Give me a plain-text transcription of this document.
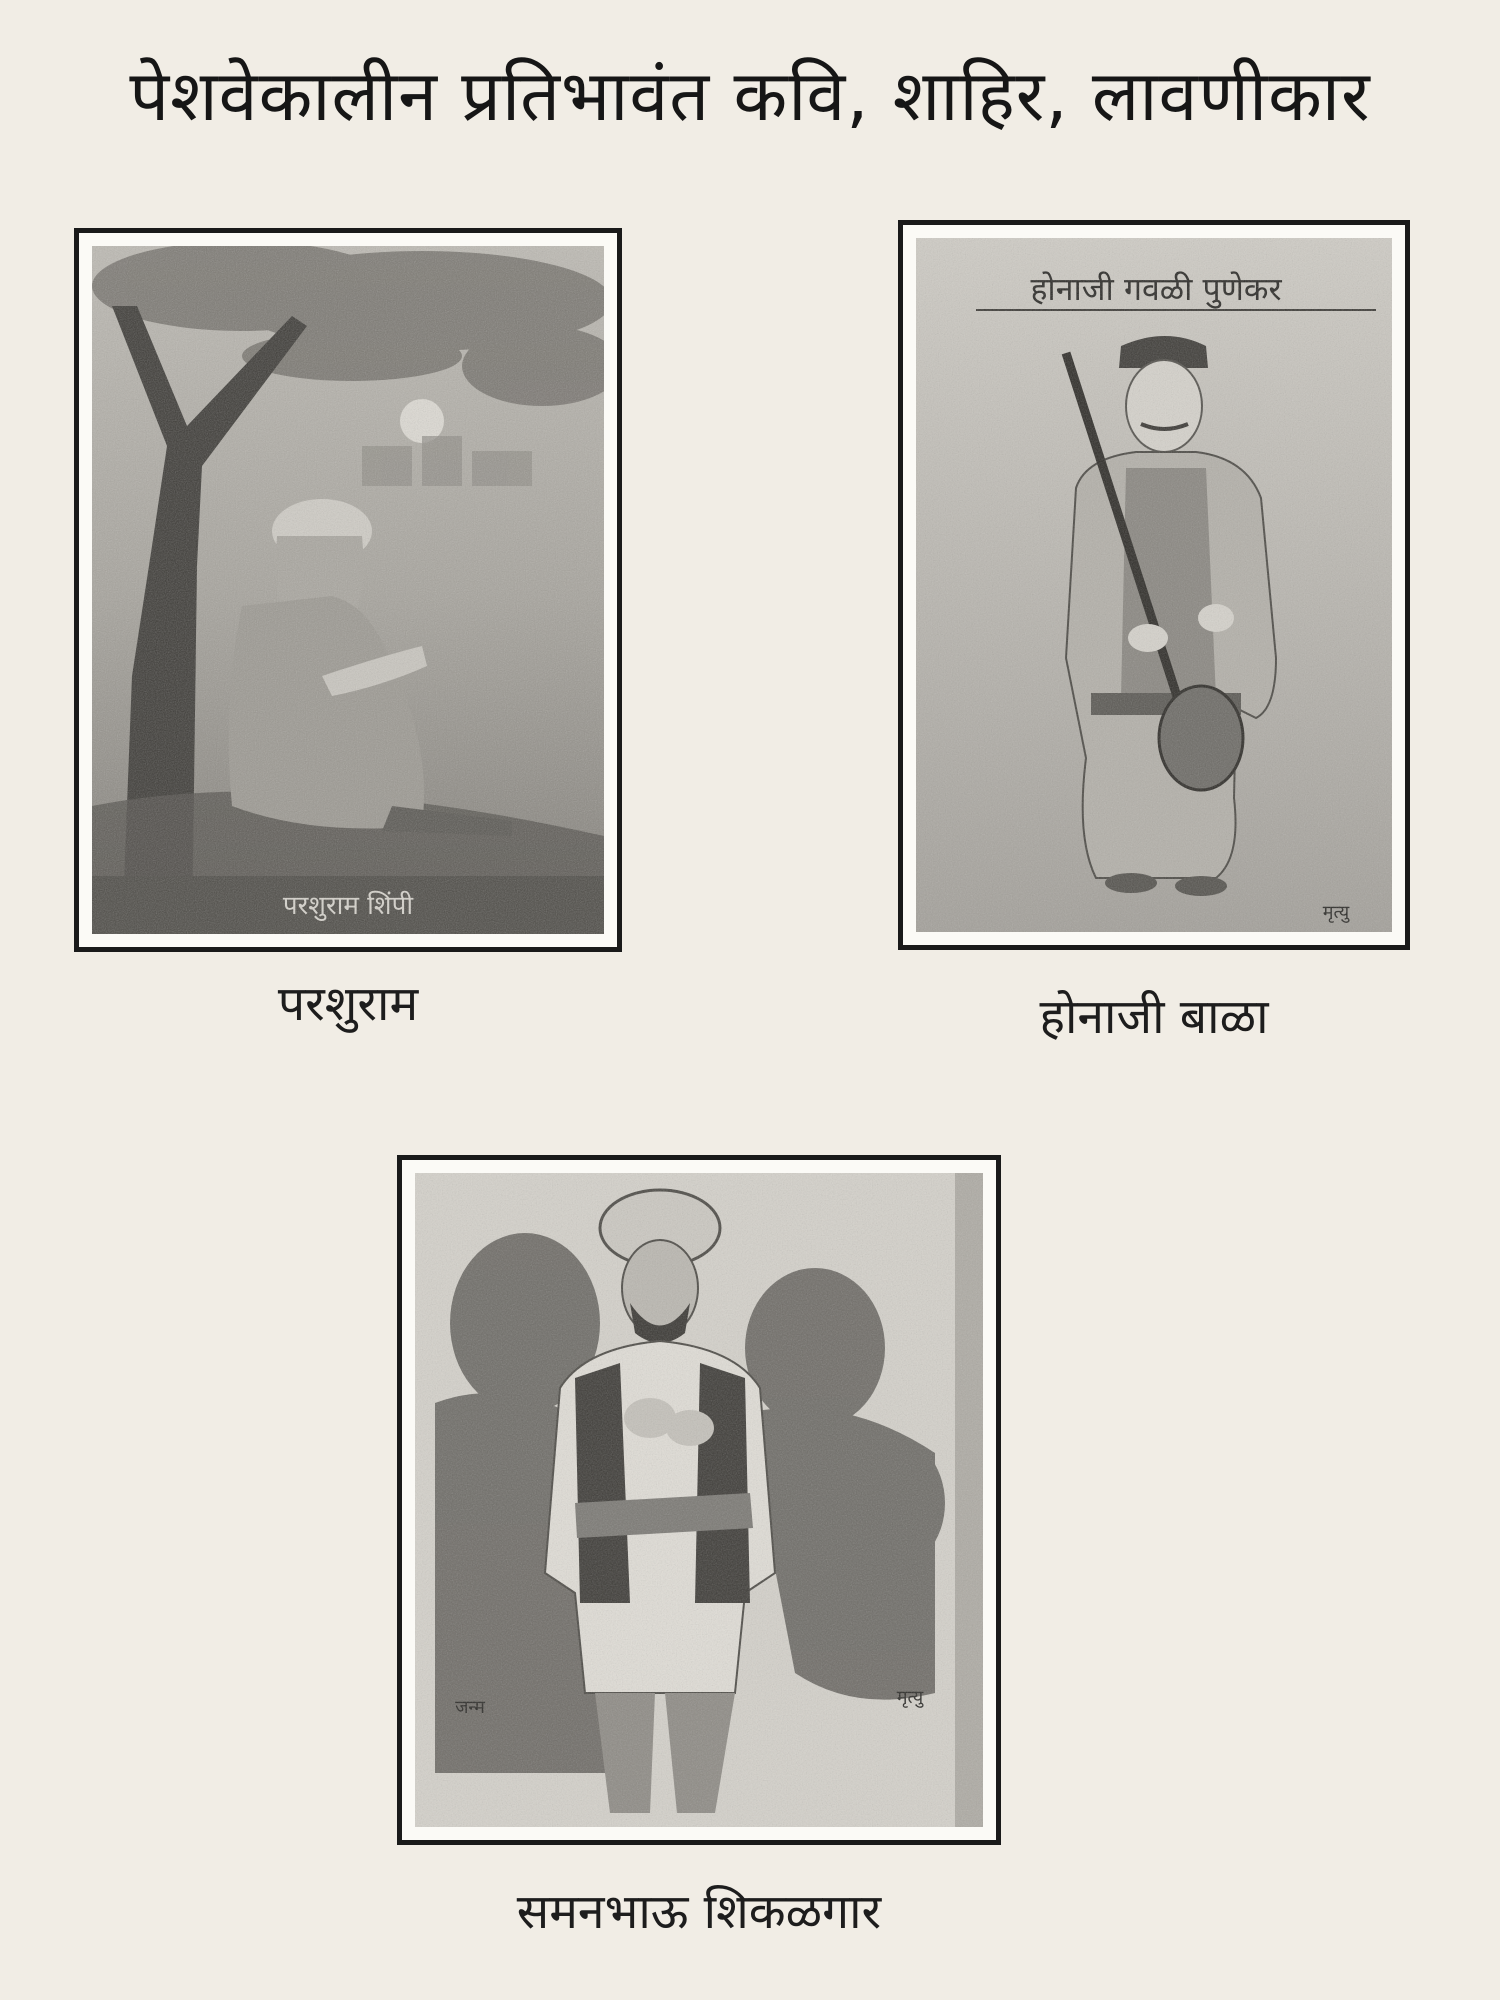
पेशवेकालीन प्रतिभावंत कवि, शाहिर, लावणीकार
परशुराम	होनाजी बाळा
समनभाऊ शिकळगार
